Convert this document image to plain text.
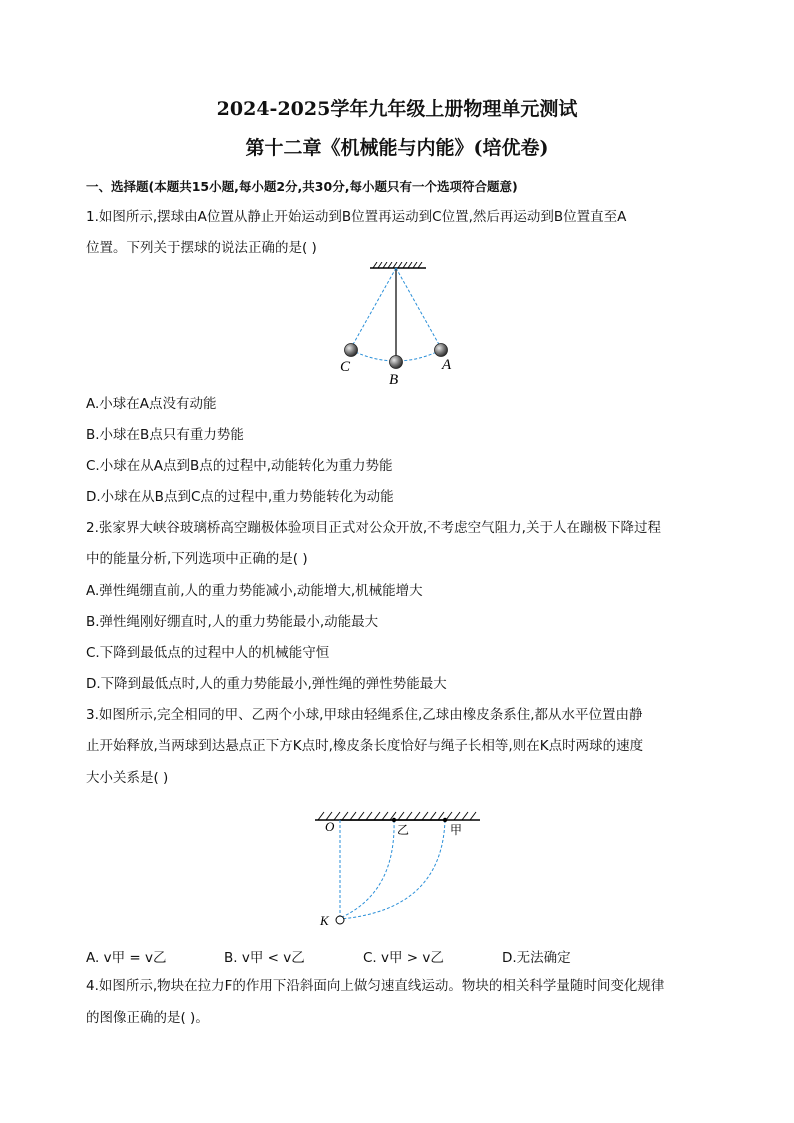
2024-2025学年九年级上册物理单元测试
第十二章《机械能与内能》(培优卷)
一、选择题(本题共15小题,每小题2分,共30分,每小题只有一个选项符合题意)
1.如图所示,摆球由A位置从静止开始运动到B位置再运动到C位置,然后再运动到B位置直至A
位置。下列关于摆球的说法正确的是( )
C
B
A
A.小球在A点没有动能
B.小球在B点只有重力势能
C.小球在从A点到B点的过程中,动能转化为重力势能
D.小球在从B点到C点的过程中,重力势能转化为动能
2.张家界大峡谷玻璃桥高空蹦极体验项目正式对公众开放,不考虑空气阻力,关于人在蹦极下降过程
中的能量分析,下列选项中正确的是( )
A.弹性绳绷直前,人的重力势能减小,动能增大,机械能增大
B.弹性绳刚好绷直时,人的重力势能最小,动能最大
C.下降到最低点的过程中人的机械能守恒
D.下降到最低点时,人的重力势能最小,弹性绳的弹性势能最大
3.如图所示,完全相同的甲、乙两个小球,甲球由轻绳系住,乙球由橡皮条系住,都从水平位置由静
止开始释放,当两球到达悬点正下方K点时,橡皮条长度恰好与绳子长相等,则在K点时两球的速度
大小关系是( )
O	乙	甲
K
A. v甲 = v乙	B. v甲 < v乙	C. v甲 > v乙	D.无法确定
4.如图所示,物块在拉力F的作用下沿斜面向上做匀速直线运动。物块的相关科学量随时间变化规律
的图像正确的是( )。
